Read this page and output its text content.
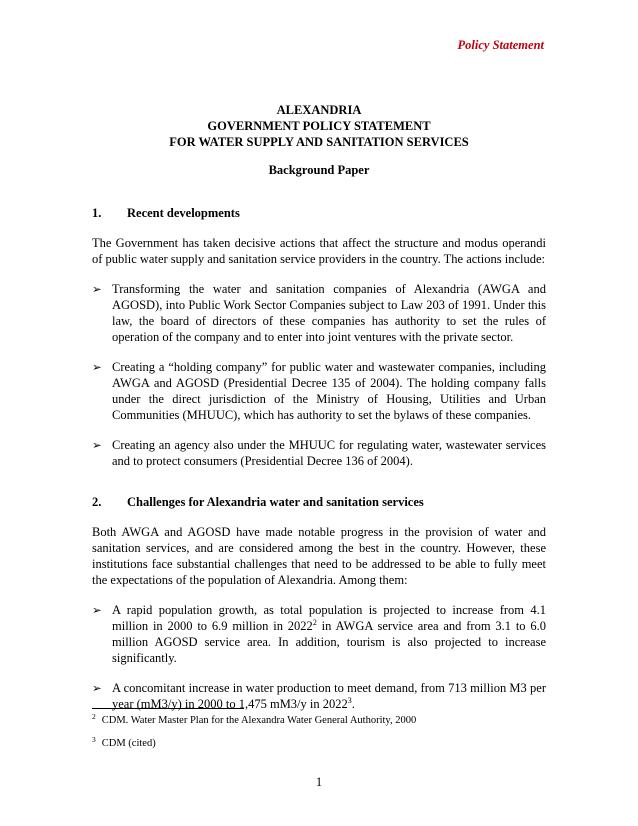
Policy Statement
ALEXANDRIA
GOVERNMENT POLICY STATEMENT
FOR WATER SUPPLY AND SANITATION SERVICES
Background Paper
1.	Recent developments

The Government has taken decisive actions that affect the structure and modus operandi of public water supply and sanitation service providers in the country. The actions include:

➢ Transforming the water and sanitation companies of Alexandria (AWGA and AGOSD), into Public Work Sector Companies subject to Law 203 of 1991. Under this law, the board of directors of these companies has authority to set the rules of operation of the company and to enter into joint ventures with the private sector.

➢ Creating a “holding company” for public water and wastewater companies, including AWGA and AGOSD (Presidential Decree 135 of 2004). The holding company falls under the direct jurisdiction of the Ministry of Housing, Utilities and Urban Communities (MHUUC), which has authority to set the bylaws of these companies.

➢ Creating an agency also under the MHUUC for regulating water, wastewater services and to protect consumers (Presidential Decree 136 of 2004).

2.	Challenges for Alexandria water and sanitation services

Both AWGA and AGOSD have made notable progress in the provision of water and sanitation services, and are considered among the best in the country. However, these institutions face substantial challenges that need to be addressed to be able to fully meet the expectations of the population of Alexandria. Among them:

➢ A rapid population growth, as total population is projected to increase from 4.1 million in 2000 to 6.9 million in 2022$^2$ in AWGA service area and from 3.1 to 6.0 million AGOSD service area. In addition, tourism is also projected to increase significantly.

➢ A concomitant increase in water production to meet demand, from 713 million M3 per year (mM3/y) in 2000 to 1,475 mM3/y in 2022$^3$.

$^2$ CDM. Water Master Plan for the Alexandra Water General Authority, 2000
$^3$ CDM (cited)
1
